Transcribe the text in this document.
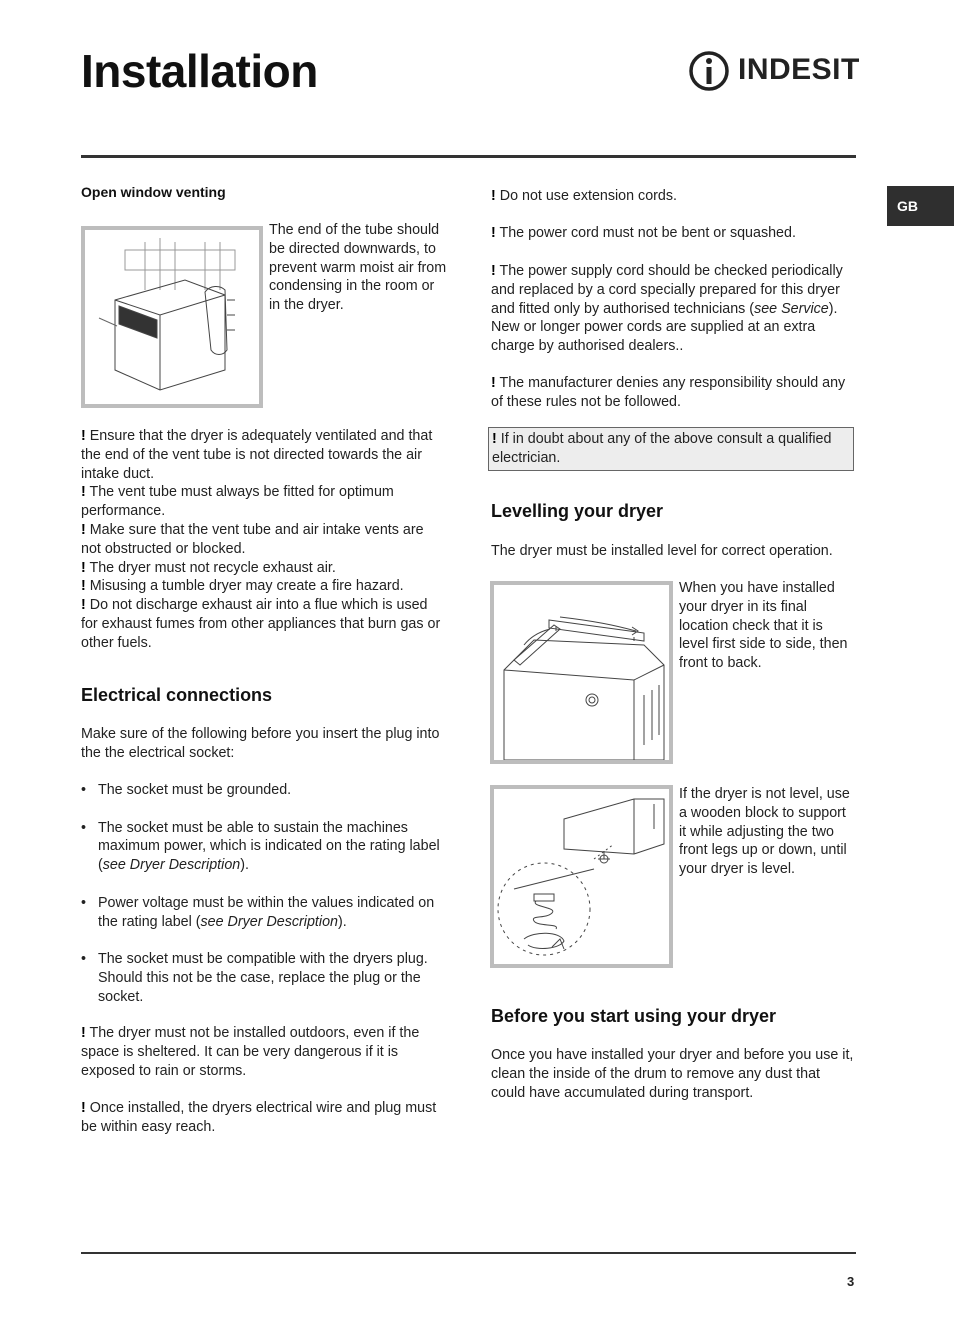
Installation	INDESIT
GB

Open window venting

The end of the tube should be directed downwards, to prevent warm moist air from condensing in the room or in the dryer.

! Ensure that the dryer is adequately ventilated and that the end of the vent tube is not directed towards the air intake duct.

! The vent tube must always be fitted for optimum performance.

! Make sure that the vent tube and air intake vents are not obstructed or blocked.

! The dryer must not recycle exhaust air.

! Misusing a tumble dryer may create a fire hazard.

! Do not discharge exhaust air into a flue which is used for exhaust fumes from other appliances that burn gas or other fuels.

Electrical connections

Make sure of the following before you insert the plug into the the electrical socket:

• The socket must be grounded.
• The socket must be able to sustain the machines maximum power, which is indicated on the rating label (see Dryer Description).
• Power voltage must be within the values indicated on the rating label (see Dryer Description).
• The socket must be compatible with the dryers plug. Should this not be the case, replace the plug or the socket.

! The dryer must not be installed outdoors, even if the space is sheltered. It can be very dangerous if it is exposed to rain or storms.

! Once installed, the dryers electrical wire and plug must be within easy reach.

! Do not use extension cords.

! The power cord must not be bent or squashed.

! The power supply cord should be checked periodically and replaced by a cord specially prepared for this dryer and fitted only by authorised technicians (see Service). New or longer power cords are supplied at an extra charge by authorised dealers..

! The manufacturer denies any responsibility should any of these rules not be followed.

! If in doubt about any of the above consult a qualified electrician.

Levelling your dryer

The dryer must be installed level for correct operation.

When you have installed your dryer in its final location check that it is level first side to side, then front to back.

If the dryer is not level, use a wooden block to support it while adjusting the two front legs up or down, until your dryer is level.

Before you start using your dryer

Once you have installed your dryer and before you use it, clean the inside of the drum to remove any dust that could have accumulated during transport.

3
